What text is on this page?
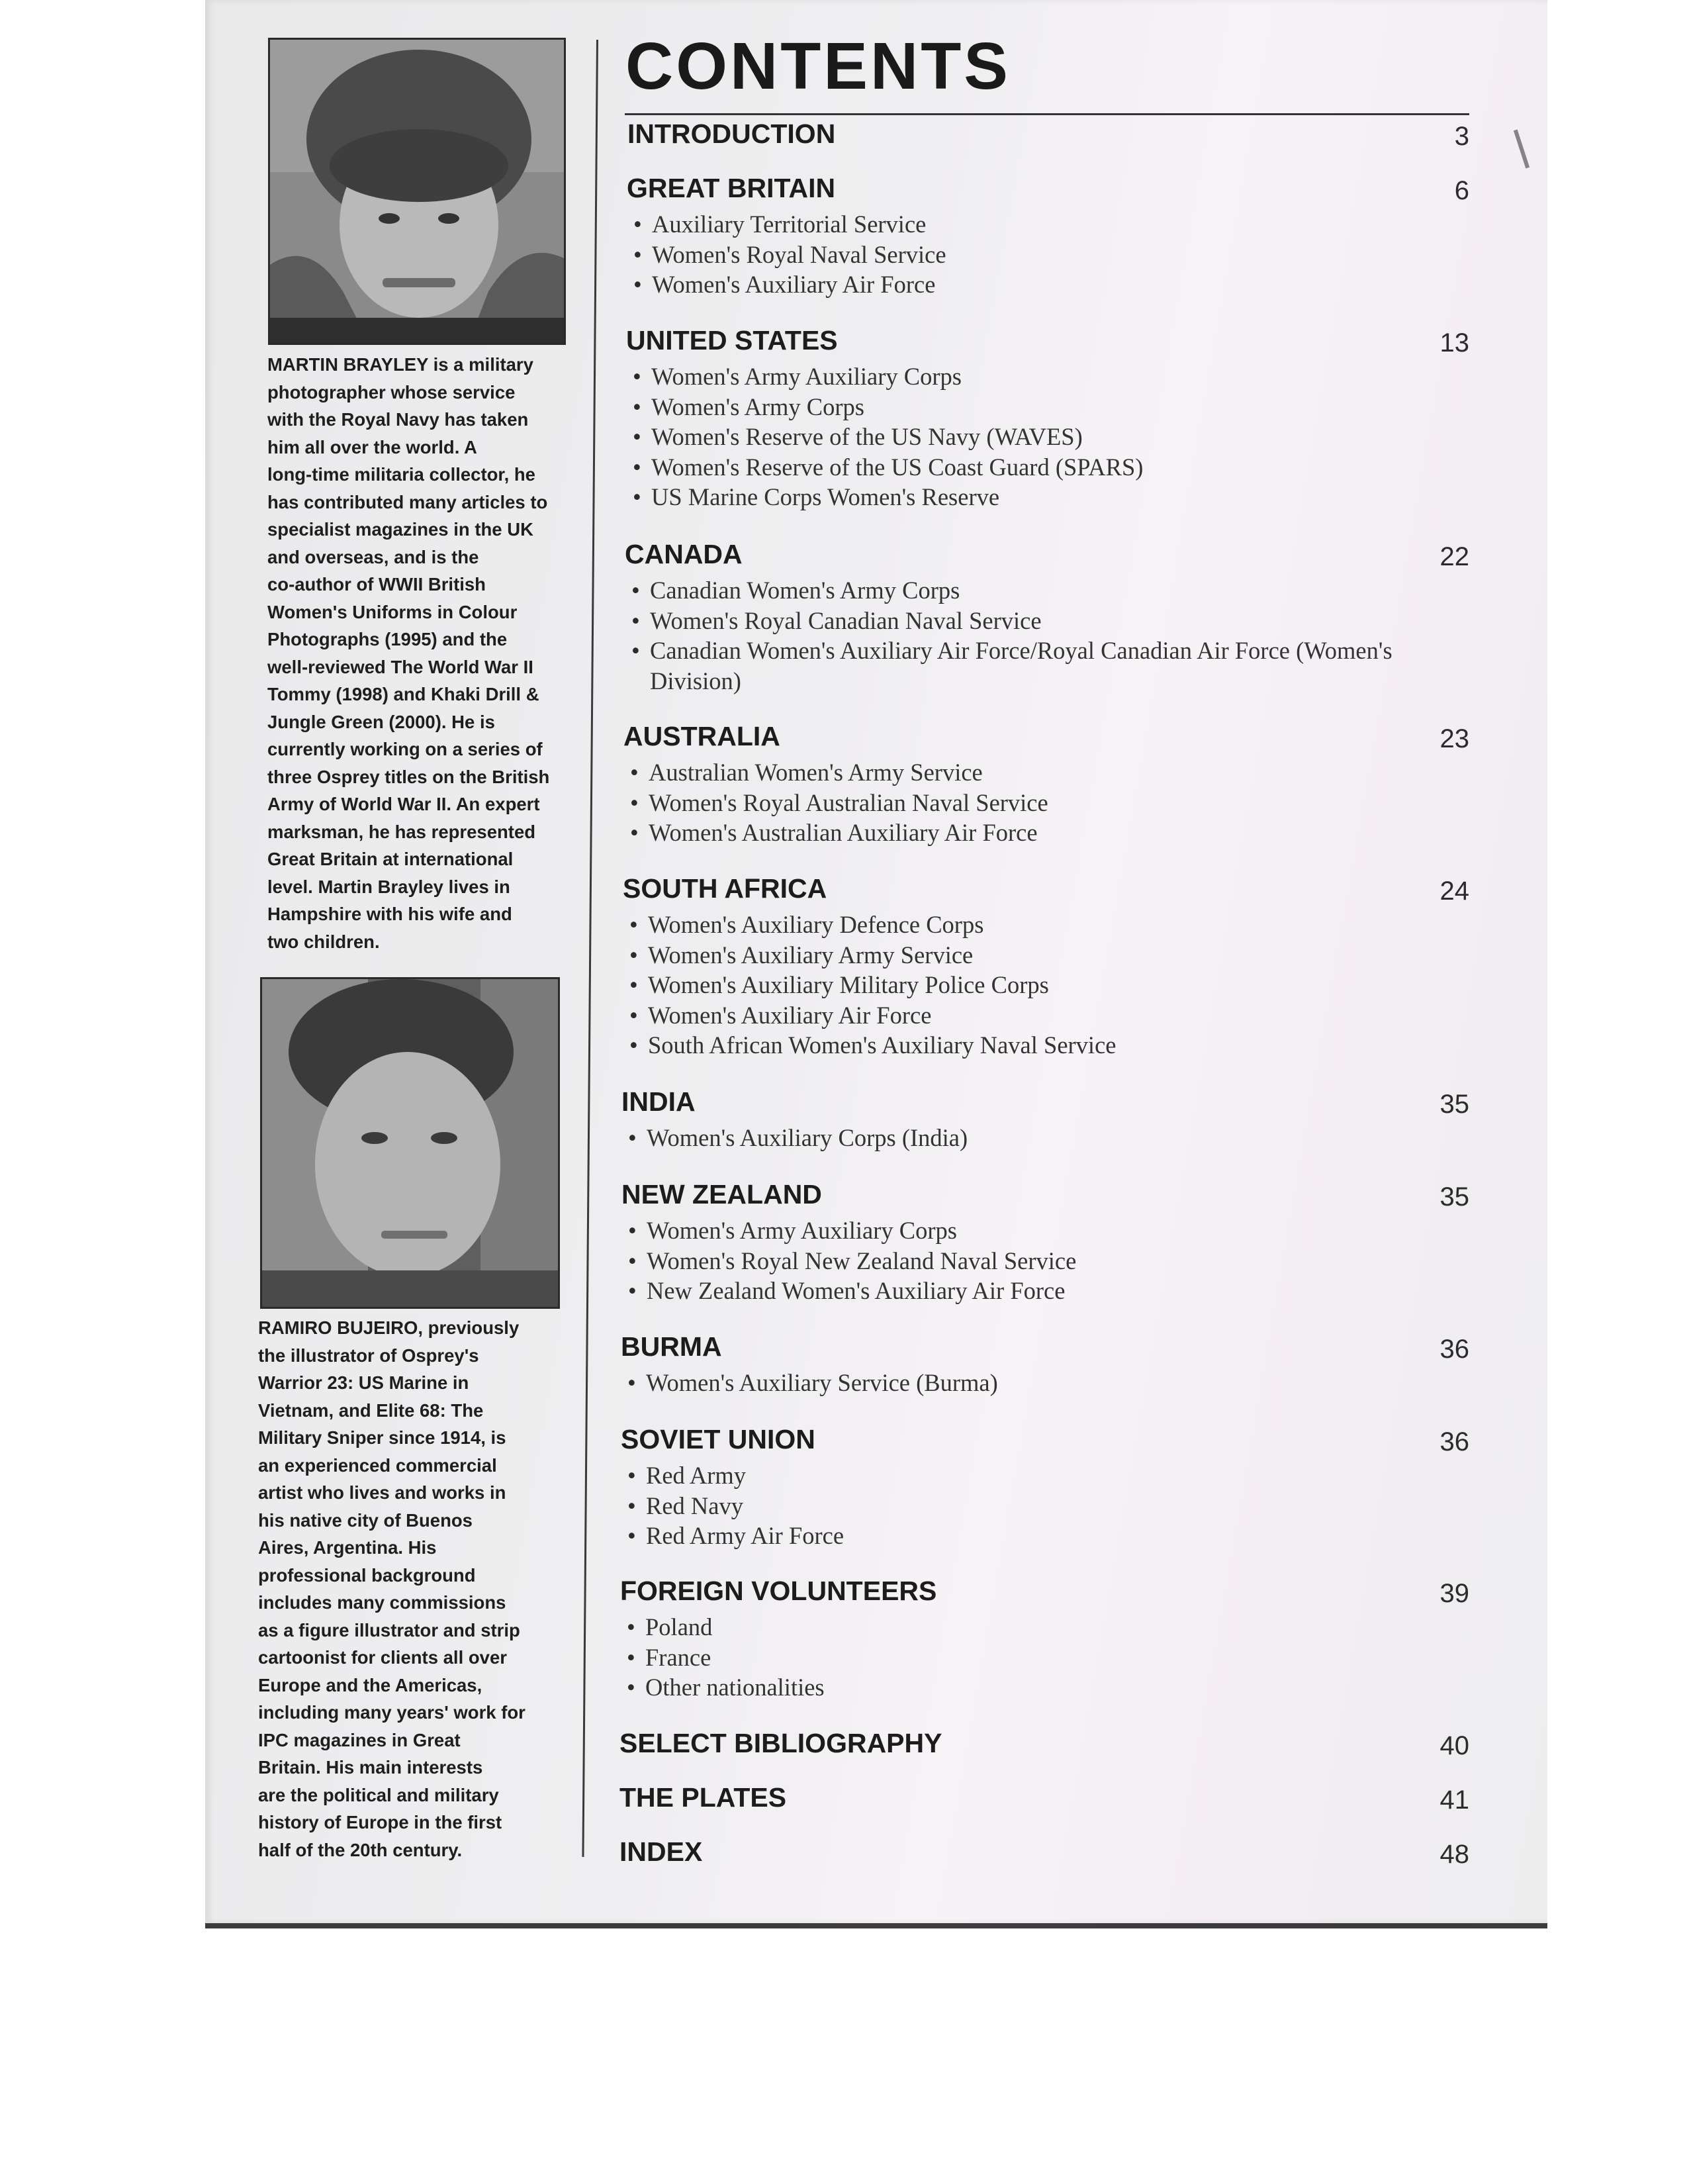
MARTIN BRAYLEY is a military
photographer whose service
with the Royal Navy has taken
him all over the world. A
long-time militaria collector, he
has contributed many articles to
specialist magazines in the UK
and overseas, and is the
co-author of WWII British
Women's Uniforms in Colour
Photographs (1995) and the
well-reviewed The World War II
Tommy (1998) and Khaki Drill &
Jungle Green (2000). He is
currently working on a series of
three Osprey titles on the British
Army of World War II. An expert
marksman, he has represented
Great Britain at international
level. Martin Brayley lives in
Hampshire with his wife and
two children.
RAMIRO BUJEIRO, previously
the illustrator of Osprey's
Warrior 23: US Marine in
Vietnam, and Elite 68: The
Military Sniper since 1914, is
an experienced commercial
artist who lives and works in
his native city of Buenos
Aires, Argentina. His
professional background
includes many commissions
as a figure illustrator and strip
cartoonist for clients all over
Europe and the Americas,
including many years' work for
IPC magazines in Great
Britain. His main interests
are the political and military
history of Europe in the first
half of the 20th century.
CONTENTS
INTRODUCTION	3
GREAT BRITAIN	6
• Auxiliary Territorial Service
• Women's Royal Naval Service
• Women's Auxiliary Air Force
UNITED STATES	13
• Women's Army Auxiliary Corps
• Women's Army Corps
• Women's Reserve of the US Navy (WAVES)
• Women's Reserve of the US Coast Guard (SPARS)
• US Marine Corps Women's Reserve
CANADA	22
• Canadian Women's Army Corps
• Women's Royal Canadian Naval Service
• Canadian Women's Auxiliary Air Force/Royal Canadian Air Force (Women's Division)
AUSTRALIA	23
• Australian Women's Army Service
• Women's Royal Australian Naval Service
• Women's Australian Auxiliary Air Force
SOUTH AFRICA	24
• Women's Auxiliary Defence Corps
• Women's Auxiliary Army Service
• Women's Auxiliary Military Police Corps
• Women's Auxiliary Air Force
• South African Women's Auxiliary Naval Service
INDIA	35
• Women's Auxiliary Corps (India)
NEW ZEALAND	35
• Women's Army Auxiliary Corps
• Women's Royal New Zealand Naval Service
• New Zealand Women's Auxiliary Air Force
BURMA	36
• Women's Auxiliary Service (Burma)
SOVIET UNION	36
• Red Army
• Red Navy
• Red Army Air Force
FOREIGN VOLUNTEERS	39
• Poland
• France
• Other nationalities
SELECT BIBLIOGRAPHY	40
THE PLATES	41
INDEX	48
